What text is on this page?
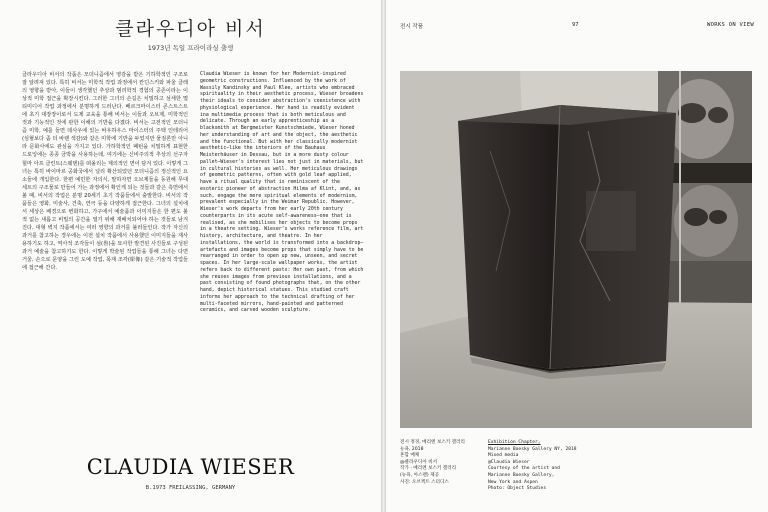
클라우디아 비서
1973년 독일 프라이라싱 출생

클라우디아 비서의 작품은 모더니즘에서 영감을 받은 기하학적인 구조로 잘 알려져 있다. 특히 비서는 미학적 작업 과정에서 칸딘스키와 파울 클레의 영향을 받아, 이들이 생각했던 추상과 범리학적 경험의 공존이라는 이상적 미학 접근을 확장시킨다. 그러한 그녀의 손길은 치밀하고 섬세한 멀티미디어 작업 과정에서 분명하게 드러난다. 베르크마이스터 콘스트스트에 초기 대장장이로서 도제 교육을 통해 비서는 이들과 오브제, 미학적인 것과 기능적인 것에 관한 이해의 기반을 다졌다. 비서는 고전적인 모더니즘 미학, 예를 들면 데사우에 있는 바우하우스 마이스터의 주택 인테리어(심혈보다 좀 더 바랜 색감)와 같은 미학에 기반을 두었지만 물질론만 아니라 문화사에도 관심을 가지고 있다. 가하학적인 패턴을 치밀하게 표현한 드로잉에는 종종 금박을 사용하는데, 여기에는 신비주의적 추상의 선구자 힐마 아프 클린트(스웨덴)를 떠올리는 제의적인 면이 담겨 있다. 이렇게 그녀는 특히 바이마르 공화국에서 널리 확산되었던 모더니즘의 정신적인 요소들에 개입한다. 한편 예민한 자의식, 말하자면 오브제들을 동원해 무대 세트의 구조물로 만들어 가는 과정에서 확인게 되는 것들과 같은 측면에서 볼 때, 비서의 작업은 분명 20세기 초기 작품들에서 출발한다. 비서의 작품들은 영화, 미술사, 건축, 연극 등을 다양하게 접근한다. 그녀의 설치에서 세상은 배경으로 변화하고, 가구에서 예술품과 이미지들은 한 편도 볼 적 없는 새롭고 비밀의 공간을 열기 위해 재배치되어야 하는 것들로 남겨진다. 대형 벽지 작품에서는 여러 영향의 과거를 불러들인다. 작가 자신의 과거를 참고하는 경우에는 이전 설치 작품에서 사용했던 이미지들을 재사용하기도 하고, 역사적 조각들이 섬(魯)을 묘사한 발견된 사진들로 구성된 과거 예술을 참고하기도 한다. 이렇게 박술된 작업들을 통해 그녀는 다면 거울, 손으로 문양을 그린 도예 작업, 목재 조각(彫像) 같은 기술적 작업들에 접근해 간다.

Claudia Wieser is known for her Modernist-inspired geometric constructions. Influenced by the work of Wassily Kandinsky and Paul Klee, artists who embraced spirituality in their aesthetic process, Wieser broadens their ideals to consider abstraction's coexistence with physiological experience. Her hand is readily evident ina multimedia process that is both meticulous and delicate. Through an early apprenticeship as a blacksmith at Bergmeister Kunstschmiede, Wieser honed her understanding of art and the object, the aesthetic and the functional. But with her classically modernist aesthetic—like the interiors of the Bauhaus Meisterhäuser in Dessau, but in a more dusty colour pallet—Wieser's interest lies not just in materials, but in cultural histories as well. Her meticulous drawings of geometric patterns, often with gold leaf applied, have a ritual quality that is reminiscent of the esoteric pioneer of abstraction Hilma af Klint, and, as such, engage the more spiritual elements of modernism, prevalent especially in the Weimar Republic. However, Wieser's work departs from her early 20th century counterparts in its acute self-awareness—one that is realised, as she mobilises her objects to become props in a theatre setting. Wieser's works reference film, art history, architecture, and theatre. In her installations, the world is transformed into a backdrop—artefacts and images become props that simply have to be rearranged in order to open up new, unseen, and secret spaces. In her large-scale wallpaper works, the artist refers back to different pasts: Her own past, from which she reuses images from previous installations, and a past consisting of found photographs that, on the other hand, depict historical statues. This studied craft informs her approach to the technical drafting of her multi-faceted mirrors, hand-painted and patterned ceramics, and carved wooden sculpture.

CLAUDIA WIESER
B.1973 FREILASSING, GERMANY
전시 작품	97	WORKS ON VIEW
전시 정경, 매리엔 보스키 갤러리
뉴욕, 2018
혼합 매체
@클라우디아 비서
작가 · 매리엔 보스키 갤러리
(뉴욕, 아스펜) 제공
사진: 오브젝트 스터디스
Exhibition Chapter,
Marianne Boesky Gallery NY, 2018
Mixed media
@Claudia Wieser
Courtesy of the artist and
Marianne Boesky Gallery,
New York and Aspen
Photo: Object Studies
